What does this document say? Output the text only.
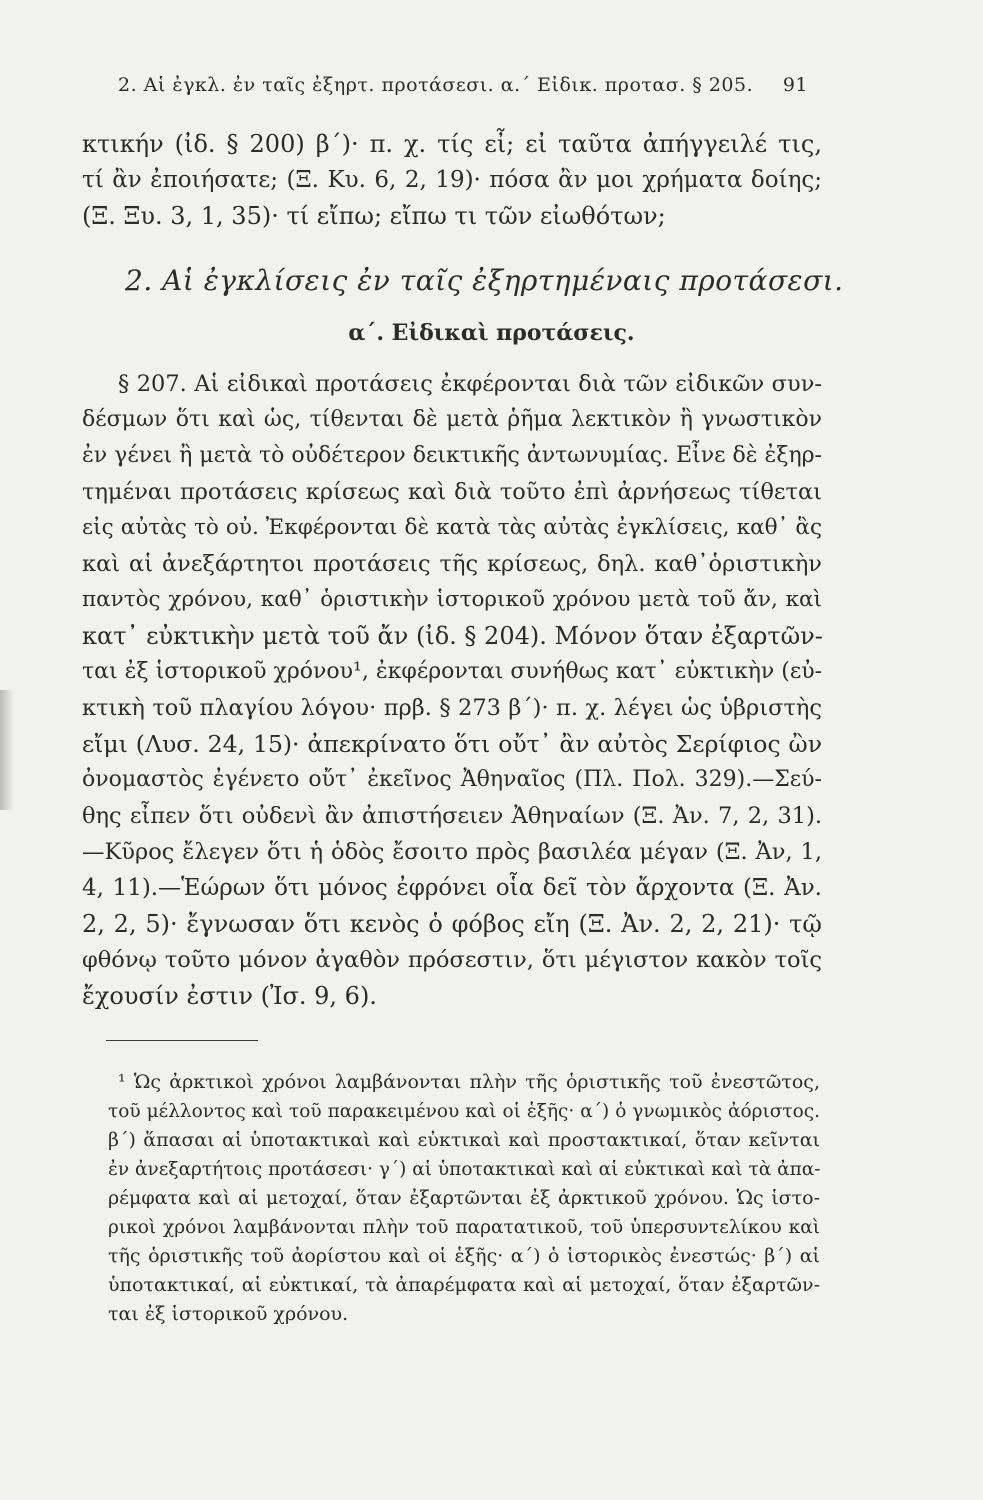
2. Αἱ ἐγκλ. ἐν ταῖς ἐξηρτ. προτάσεσι. α.΄ Εἰδικ. προτασ. § 205. 91
κτικήν (ἰδ. § 200) β΄)· π. χ. τίς εἶ; εἰ ταῦτα ἀπήγγειλέ τις,
τί ἂν ἐποιήσατε; (Ξ. Κυ. 6, 2, 19)· πόσα ἂν μοι χρήματα δοίης;
(Ξ. Ξυ. 3, 1, 35)· τί εἴπω; εἴπω τι τῶν εἰωθότων;
2. Αἱ ἐγκλίσεις ἐν ταῖς ἐξηρτημέναις προτάσεσι.
α΄. Εἰδικαὶ προτάσεις.
§ 207. Αἱ εἰδικαὶ προτάσεις ἐκφέρονται διὰ τῶν εἰδικῶν συν-
δέσμων ὅτι καὶ ὡς, τίθενται δὲ μετὰ ῥῆμα λεκτικὸν ἢ γνωστικὸν
ἐν γένει ἢ μετὰ τὸ οὐδέτερον δεικτικῆς ἀντωνυμίας. Εἶνε δὲ ἐξηρ-
τημέναι προτάσεις κρίσεως καὶ διὰ τοῦτο ἐπὶ ἀρνήσεως τίθεται
εἰς αὐτὰς τὸ οὐ. Ἐκφέρονται δὲ κατὰ τὰς αὐτὰς ἐγκλίσεις, καθ᾽ ἃς
καὶ αἱ ἀνεξάρτητοι προτάσεις τῆς κρίσεως, δηλ. καθ᾽ὁριστικὴν
παντὸς χρόνου, καθ᾽ ὁριστικὴν ἱστορικοῦ χρόνου μετὰ τοῦ ἄν, καὶ
κατ᾽ εὐκτικὴν μετὰ τοῦ ἄν (ἰδ. § 204). Μόνον ὅταν ἐξαρτῶν-
ται ἐξ ἱστορικοῦ χρόνου¹, ἐκφέρονται συνήθως κατ᾽ εὐκτικὴν (εὐ-
κτικὴ τοῦ πλαγίου λόγου· πρβ. § 273 β΄)· π. χ. λέγει ὡς ὑβριστὴς
εἴμι (Λυσ. 24, 15)· ἀπεκρίνατο ὅτι οὔτ᾽ ἂν αὐτὸς Σερίφιος ὢν
ὀνομαστὸς ἐγένετο οὔτ᾽ ἐκεῖνος Ἀθηναῖος (Πλ. Πολ. 329).—Σεύ-
θης εἶπεν ὅτι οὐδενὶ ἂν ἀπιστήσειεν Ἀθηναίων (Ξ. Ἀν. 7, 2, 31).
—Κῦρος ἔλεγεν ὅτι ἡ ὁδὸς ἔσοιτο πρὸς βασιλέα μέγαν (Ξ. Ἀν, 1,
4, 11).—Ἑώρων ὅτι μόνος ἐφρόνει οἷα δεῖ τὸν ἄρχοντα (Ξ. Ἀν.
2, 2, 5)· ἔγνωσαν ὅτι κενὸς ὁ φόβος εἴη (Ξ. Ἀν. 2, 2, 21)· τῷ
φθόνῳ τοῦτο μόνον ἀγαθὸν πρόσεστιν, ὅτι μέγιστον κακὸν τοῖς
ἔχουσίν ἐστιν (Ἰσ. 9, 6).
¹ Ὡς ἀρκτικοὶ χρόνοι λαμβάνονται πλὴν τῆς ὁριστικῆς τοῦ ἐνεστῶτος,
τοῦ μέλλοντος καὶ τοῦ παρακειμένου καὶ οἱ ἑξῆς· α΄) ὁ γνωμικὸς ἀόριστος.
β΄) ἅπασαι αἱ ὑποτακτικαὶ καὶ εὐκτικαὶ καὶ προστακτικαί, ὅταν κεῖνται
ἐν ἀνεξαρτήτοις προτάσεσι· γ΄) αἱ ὑποτακτικαὶ καὶ αἱ εὐκτικαὶ καὶ τὰ ἀπα-
ρέμφατα καὶ αἱ μετοχαί, ὅταν ἐξαρτῶνται ἐξ ἀρκτικοῦ χρόνου. Ὡς ἱστο-
ρικοὶ χρόνοι λαμβάνονται πλὴν τοῦ παρατατικοῦ, τοῦ ὑπερσυντελίκου καὶ
τῆς ὁριστικῆς τοῦ ἀορίστου καὶ οἱ ἑξῆς· α΄) ὁ ἱστορικὸς ἐνεστώς· β΄) αἱ
ὑποτακτικαί, αἱ εὐκτικαί, τὰ ἀπαρέμφατα καὶ αἱ μετοχαί, ὅταν ἐξαρτῶν-
ται ἐξ ἱστορικοῦ χρόνου.
